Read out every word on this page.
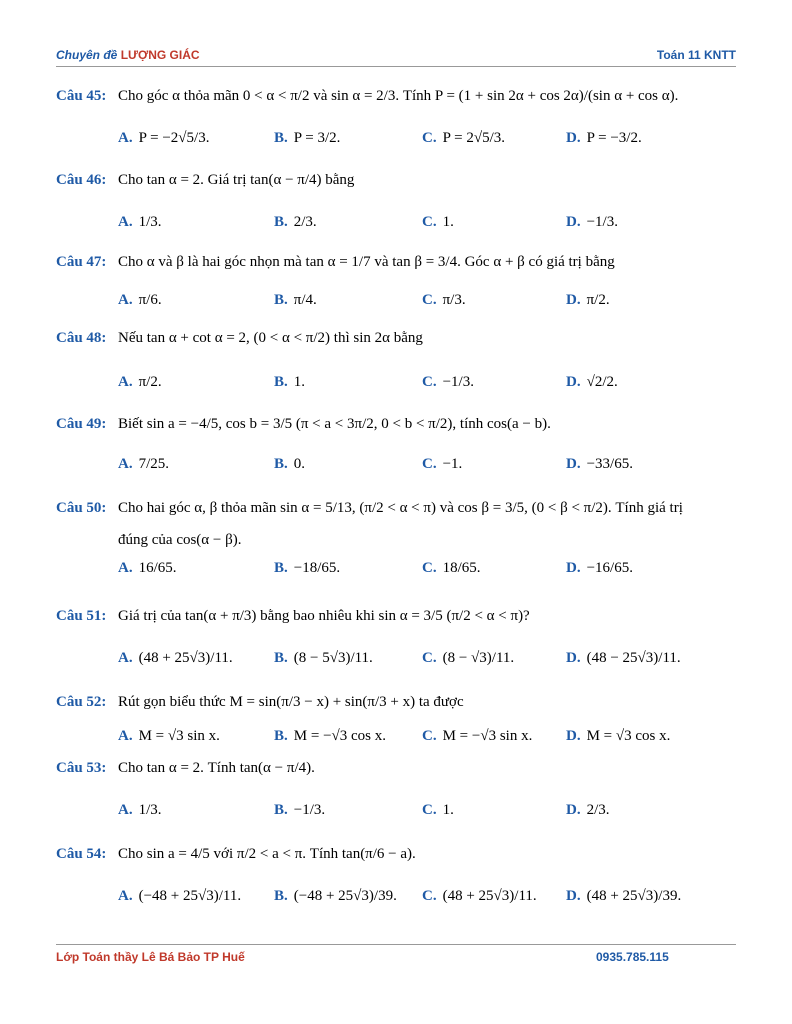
Chuyên đề LƯỢNG GIÁC	Toán 11 KNTT
Câu 45: Cho góc α thỏa mãn 0 < α < π/2 và sin α = 2/3. Tính P = (1 + sin 2α + cos 2α)/(sin α + cos α).
A. P = −2√5/3.	B. P = 3/2.	C. P = 2√5/3.	D. P = −3/2.
Câu 46: Cho tan α = 2. Giá trị tan(α − π/4) bằng
A. 1/3.	B. 2/3.	C. 1.	D. −1/3.
Câu 47: Cho α và β là hai góc nhọn mà tan α = 1/7 và tan β = 3/4. Góc α + β có giá trị bằng
A. π/6.	B. π/4.	C. π/3.	D. π/2.
Câu 48: Nếu tan α + cot α = 2, (0 < α < π/2) thì sin 2α bằng
A. π/2.	B. 1.	C. −1/3.	D. √2/2.
Câu 49: Biết sin a = −4/5, cos b = 3/5 (π < a < 3π/2, 0 < b < π/2), tính cos(a − b).
A. 7/25.	B. 0.	C. −1.	D. −33/65.
Câu 50: Cho hai góc α, β thỏa mãn sin α = 5/13, (π/2 < α < π) và cos β = 3/5, (0 < β < π/2). Tính giá trị
đúng của cos(α − β).
A. 16/65.	B. −18/65.	C. 18/65.	D. −16/65.
Câu 51: Giá trị của tan(α + π/3) bằng bao nhiêu khi sin α = 3/5 (π/2 < α < π)?
A. (48 + 25√3)/11.	B. (8 − 5√3)/11.	C. (8 − √3)/11.	D. (48 − 25√3)/11.
Câu 52: Rút gọn biểu thức M = sin(π/3 − x) + sin(π/3 + x) ta được
A. M = √3 sin x.	B. M = −√3 cos x. C. M = −√3 sin x. D. M = √3 cos x.
Câu 53: Cho tan α = 2. Tính tan(α − π/4).
A. 1/3.	B. −1/3.	C. 1.	D. 2/3.
Câu 54: Cho sin a = 4/5 với π/2 < a < π. Tính tan(π/6 − a).
A. (−48 + 25√3)/11. B. (−48 + 25√3)/39. C. (48 + 25√3)/11. D. (48 + 25√3)/39.
Lớp Toán thầy Lê Bá Bảo TP Huế	0935.785.115
